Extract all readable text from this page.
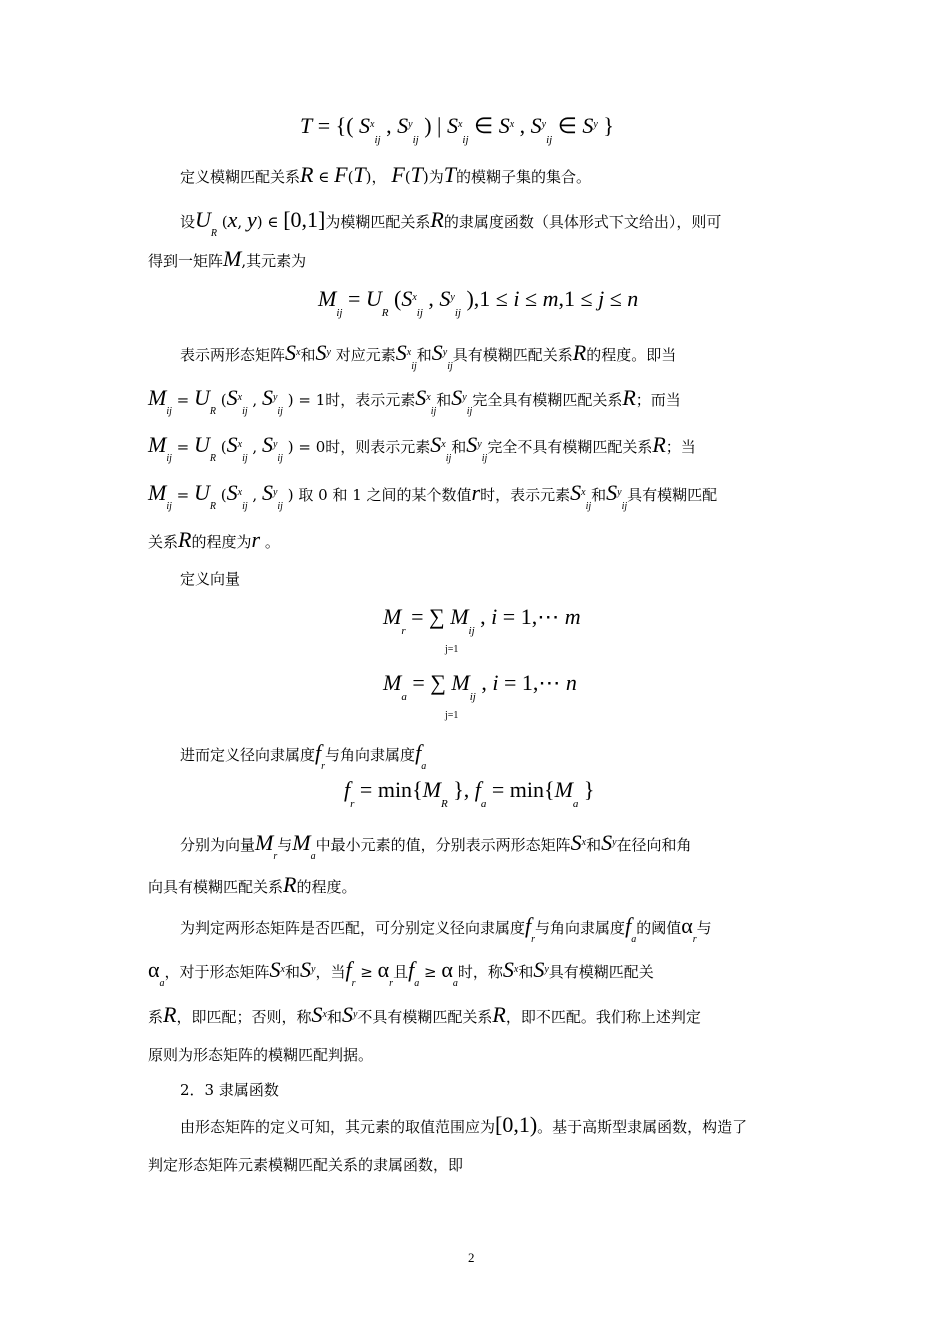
T = {( $S^x_{ij}$ , $S^y_{ij}$ ) | $S^x_{ij}$ ∈ $S^x$ , $S^y_{ij}$ ∈ $S^y$ }
定义模糊匹配关系R ∈ F(T)， F(T)为T的模糊子集的集合。
设$U_R$ (x, y) ∈ [0,1]为模糊匹配关系R的隶属度函数（具体形式下文给出），则可
得到一矩阵M,其元素为
$M_{ij} = U_R$ ($S^x_{ij}$ , $S^y_{ij}$ ),1 ≤ i ≤ m,1 ≤ j ≤ n
表示两形态矩阵$S^x$和$S^y$ 对应元素$S^x_{ij}$和$S^y_{ij}$具有模糊匹配关系R的程度。即当
$M_{ij} = U_R$ ($S^x_{ij}$ , $S^y_{ij}$ ) = 1时，表示元素$S^x_{ij}$和$S^y_{ij}$完全具有模糊匹配关系R；而当
$M_{ij} = U_R$ ($S^x_{ij}$ , $S^y_{ij}$ ) = 0时，则表示元素$S^x_{ij}$和$S^y_{ij}$完全不具有模糊匹配关系R；当
$M_{ij} = U_R$ ($S^x_{ij}$ , $S^y_{ij}$ ) 取 0 和 1 之间的某个数值r时，表示元素$S^x_{ij}$和$S^y_{ij}$具有模糊匹配
关系R的程度为r 。
定义向量
$M_r$ = ∑ $M_{ij}$ , i = 1,⋯ m
j=1
$M_a$ = ∑ $M_{ij}$ , i = 1,⋯ n
j=1
进而定义径向隶属度$f_r$与角向隶属度$f_a$
$f_r = \min\{M_R$ }, $f_a = \min\{M_a$ }
分别为向量$M_r$与$M_a$中最小元素的值，分别表示两形态矩阵$S^x$和$S^y$在径向和角
向具有模糊匹配关系R的程度。
为判定两形态矩阵是否匹配，可分别定义径向隶属度$f_r$与角向隶属度$f_a$的阈值$\alpha_r$与
$\alpha_a$，对于形态矩阵$S^x$和$S^y$，当$f_r \ge \alpha_r$且$f_a \ge \alpha_a$时，称$S^x$和$S^y$具有模糊匹配关
系R，即匹配；否则，称$S^x$和$S^y$不具有模糊匹配关系R，即不匹配。我们称上述判定
原则为形态矩阵的模糊匹配判据。
2．3 隶属函数
由形态矩阵的定义可知，其元素的取值范围应为[0,1)。基于高斯型隶属函数，构造了
判定形态矩阵元素模糊匹配关系的隶属函数，即
2
